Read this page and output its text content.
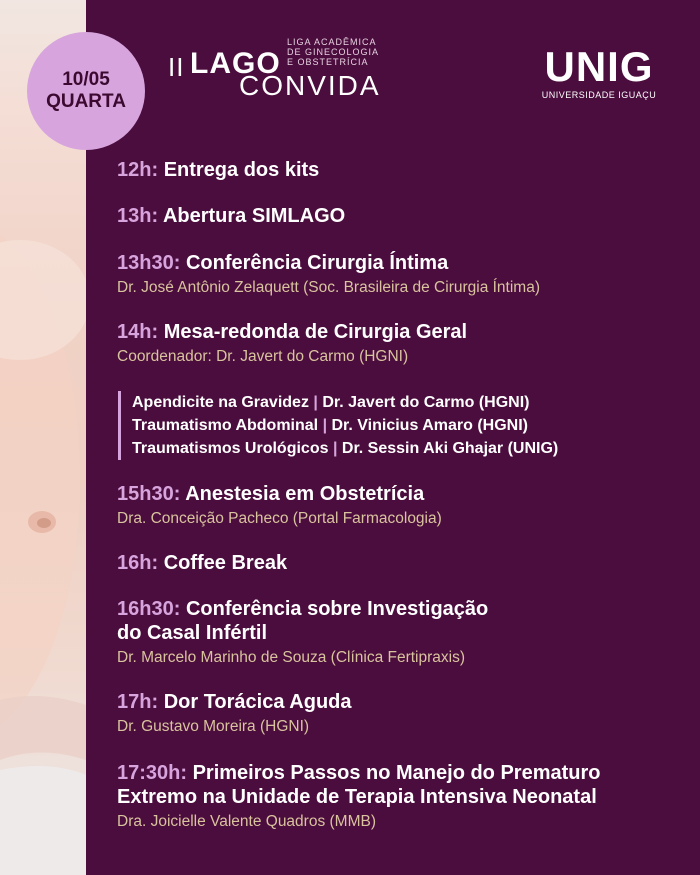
10/05
QUARTA
II LAGO
LIGA ACADÊMICA
DE GINECOLOGIA
E OBSTETRÍCIA
CONVIDA	UNIG
UNIVERSIDADE IGUAÇU
12h: Entrega dos kits
13h: Abertura SIMLAGO
13h30: Conferência Cirurgia Íntima
Dr. José Antônio Zelaquett (Soc. Brasileira de Cirurgia Íntima)
14h: Mesa-redonda de Cirurgia Geral
Coordenador: Dr. Javert do Carmo (HGNI)
Apendicite na Gravidez | Dr. Javert do Carmo (HGNI)
Traumatismo Abdominal | Dr. Vinicius Amaro (HGNI)
Traumatismos Urológicos | Dr. Sessin Aki Ghajar (UNIG)
15h30: Anestesia em Obstetrícia
Dra. Conceição Pacheco (Portal Farmacologia)
16h: Coffee Break
16h30: Conferência sobre Investigação
do Casal Infértil
Dr. Marcelo Marinho de Souza (Clínica Fertipraxis)
17h: Dor Torácica Aguda
Dr. Gustavo Moreira (HGNI)
17:30h: Primeiros Passos no Manejo do Prematuro
Extremo na Unidade de Terapia Intensiva Neonatal
Dra. Joicielle Valente Quadros (MMB)
